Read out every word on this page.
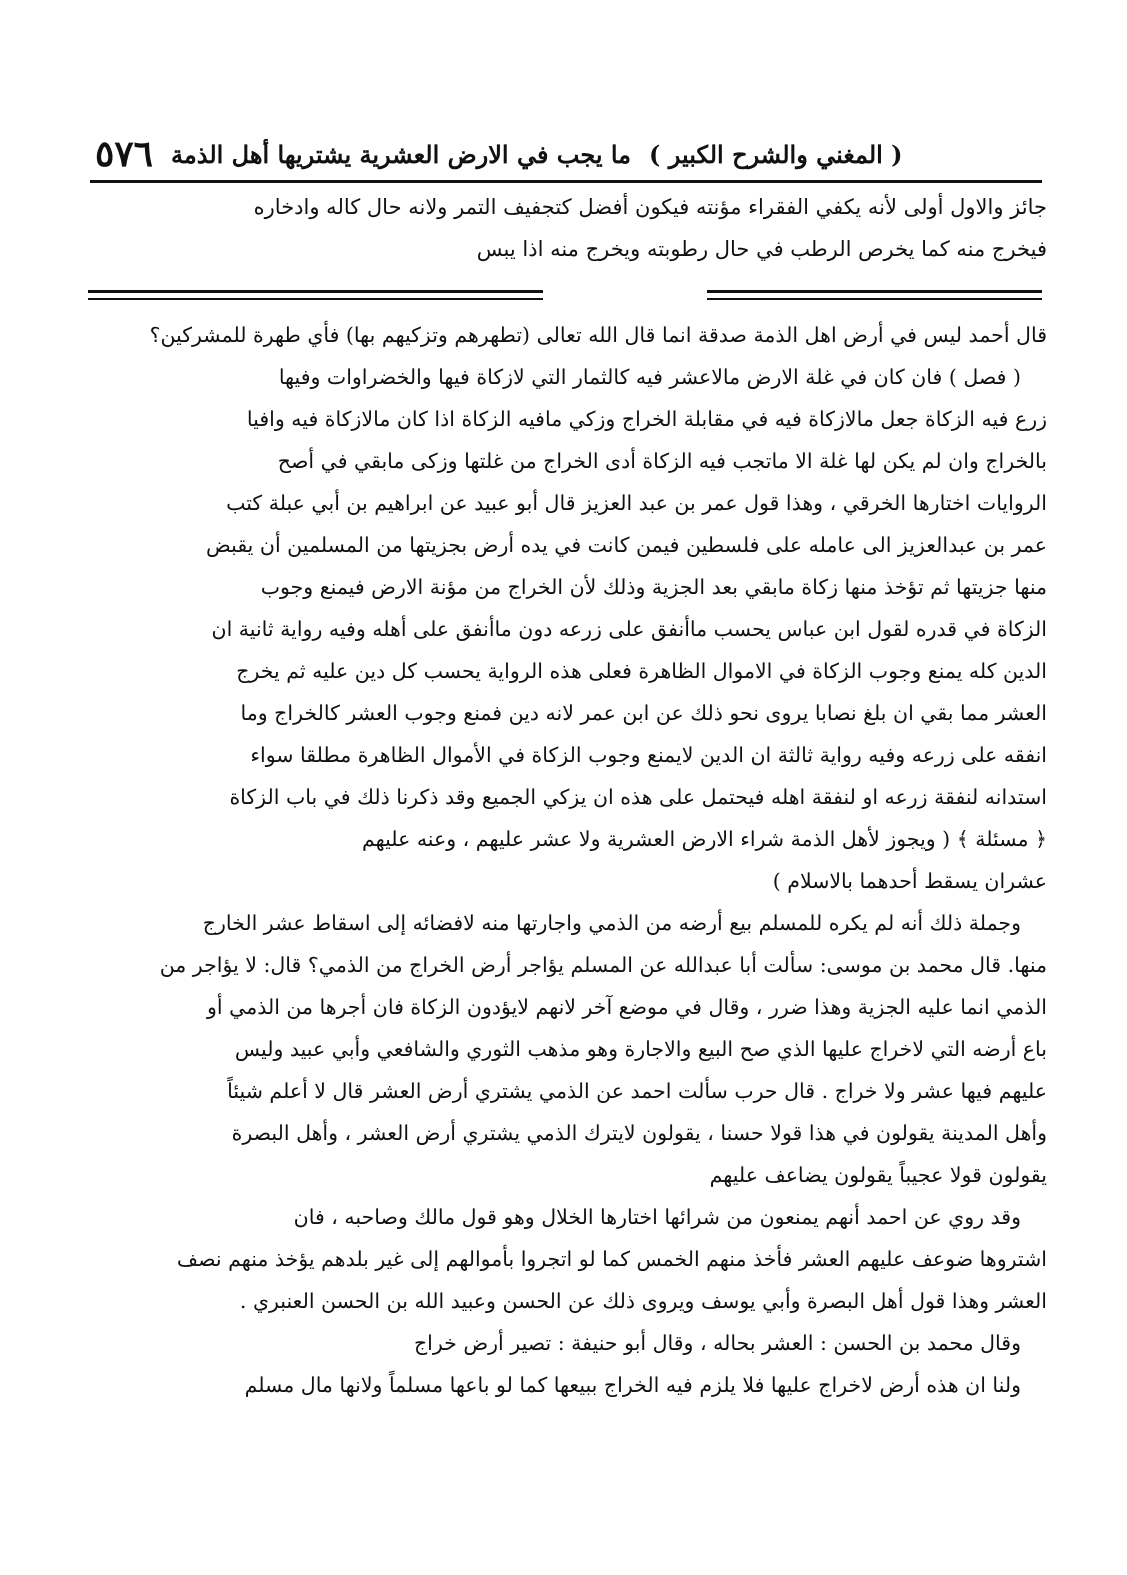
٥٧٦ ما يجب في الارض العشرية يشتريها أهل الذمة ( المغني والشرح الكبير )

جائز والاول أولى لأنه يكفي الفقراء مؤنته فيكون أفضل كتجفيف التمر ولانه حال كاله وادخاره

فيخرج منه كما يخرص الرطب في حال رطوبته ويخرج منه اذا يبس

قال أحمد ليس في أرض اهل الذمة صدقة انما قال الله تعالى (تطهرهم وتزكيهم بها) فأي طهرة للمشركين؟

( فصل ) فان كان في غلة الارض مالاعشر فيه كالثمار التي لازكاة فيها والخضراوات وفيها

زرع فيه الزكاة جعل مالازكاة فيه في مقابلة الخراج وزكي مافيه الزكاة اذا كان مالازكاة فيه وافيا

بالخراج وان لم يكن لها غلة الا ماتجب فيه الزكاة أدى الخراج من غلتها وزكى مابقي في أصح

الروايات اختارها الخرقي ، وهذا قول عمر بن عبد العزيز قال أبو عبيد عن ابراهيم بن أبي عبلة كتب

عمر بن عبدالعزيز الى عامله على فلسطين فيمن كانت في يده أرض بجزيتها من المسلمين أن يقبض

منها جزيتها ثم تؤخذ منها زكاة مابقي بعد الجزية وذلك لأن الخراج من مؤنة الارض فيمنع وجوب

الزكاة في قدره لقول ابن عباس يحسب ماأنفق على زرعه دون ماأنفق على أهله وفيه رواية ثانية ان

الدين كله يمنع وجوب الزكاة في الاموال الظاهرة فعلى هذه الرواية يحسب كل دين عليه ثم يخرج

العشر مما بقي ان بلغ نصابا يروى نحو ذلك عن ابن عمر لانه دين فمنع وجوب العشر كالخراج وما

انفقه على زرعه وفيه رواية ثالثة ان الدين لايمنع وجوب الزكاة في الأموال الظاهرة مطلقا سواء

استدانه لنفقة زرعه او لنفقة اهله فيحتمل على هذه ان يزكي الجميع وقد ذكرنا ذلك في باب الزكاة

﴿ مسئلة ﴾ ( ويجوز لأهل الذمة شراء الارض العشرية ولا عشر عليهم ، وعنه عليهم

عشران يسقط أحدهما بالاسلام )

وجملة ذلك أنه لم يكره للمسلم بيع أرضه من الذمي واجارتها منه لافضائه إلى اسقاط عشر الخارج

منها. قال محمد بن موسى: سألت أبا عبدالله عن المسلم يؤاجر أرض الخراج من الذمي؟ قال: لا يؤاجر من

الذمي انما عليه الجزية وهذا ضرر ، وقال في موضع آخر لانهم لايؤدون الزكاة فان أجرها من الذمي أو

باع أرضه التي لاخراج عليها الذي صح البيع والاجارة وهو مذهب الثوري والشافعي وأبي عبيد وليس

عليهم فيها عشر ولا خراج . قال حرب سألت احمد عن الذمي يشتري أرض العشر قال لا أعلم شيئاً

وأهل المدينة يقولون في هذا قولا حسنا ، يقولون لايترك الذمي يشتري أرض العشر ، وأهل البصرة

يقولون قولا عجيباً يقولون يضاعف عليهم

وقد روي عن احمد أنهم يمنعون من شرائها اختارها الخلال وهو قول مالك وصاحبه ، فان

اشتروها ضوعف عليهم العشر فأخذ منهم الخمس كما لو اتجروا بأموالهم إلى غير بلدهم يؤخذ منهم نصف

العشر وهذا قول أهل البصرة وأبي يوسف ويروى ذلك عن الحسن وعبيد الله بن الحسن العنبري .

وقال محمد بن الحسن : العشر بحاله ، وقال أبو حنيفة : تصير أرض خراج

ولنا ان هذه أرض لاخراج عليها فلا يلزم فيه الخراج ببيعها كما لو باعها مسلماً ولانها مال مسلم
